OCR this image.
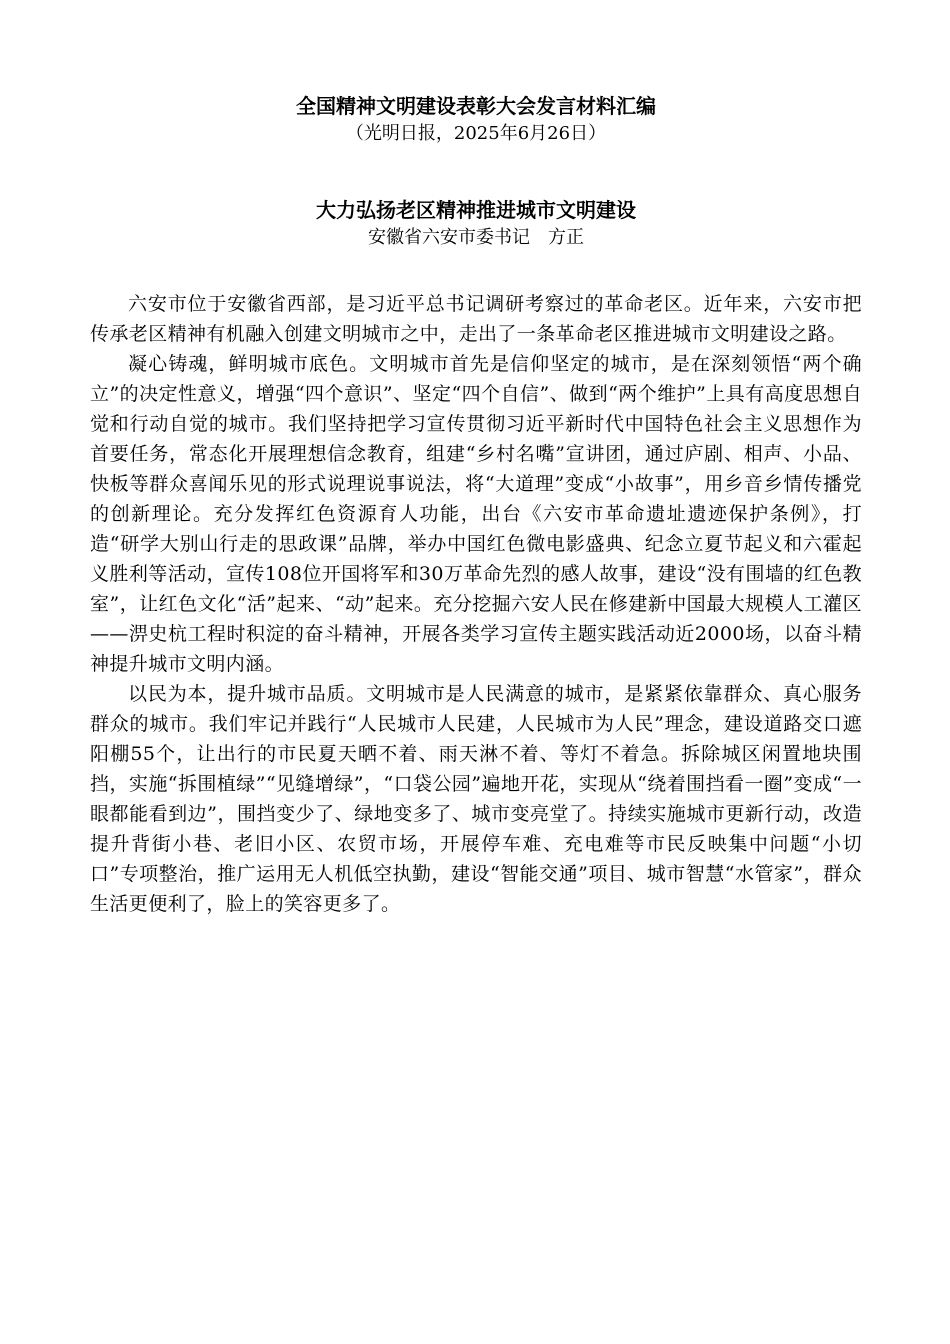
全国精神文明建设表彰大会发言材料汇编

（光明日报，2025年6月26日）

大力弘扬老区精神推进城市文明建设

安徽省六安市委书记　方正

六安市位于安徽省西部，是习近平总书记调研考察过的革命老区。近年来，六安市把传承老区精神有机融入创建文明城市之中，走出了一条革命老区推进城市文明建设之路。

凝心铸魂，鲜明城市底色。文明城市首先是信仰坚定的城市，是在深刻领悟“两个确立”的决定性意义，增强“四个意识”、坚定“四个自信”、做到“两个维护”上具有高度思想自觉和行动自觉的城市。我们坚持把学习宣传贯彻习近平新时代中国特色社会主义思想作为首要任务，常态化开展理想信念教育，组建“乡村名嘴”宣讲团，通过庐剧、相声、小品、快板等群众喜闻乐见的形式说理说事说法，将“大道理”变成“小故事”，用乡音乡情传播党的创新理论。充分发挥红色资源育人功能，出台《六安市革命遗址遗迹保护条例》，打造“研学大别山行走的思政课”品牌，举办中国红色微电影盛典、纪念立夏节起义和六霍起义胜利等活动，宣传108位开国将军和30万革命先烈的感人故事，建设“没有围墙的红色教室”，让红色文化“活”起来、“动”起来。充分挖掘六安人民在修建新中国最大规模人工灌区——淠史杭工程时积淀的奋斗精神，开展各类学习宣传主题实践活动近2000场，以奋斗精神提升城市文明内涵。

以民为本，提升城市品质。文明城市是人民满意的城市，是紧紧依靠群众、真心服务群众的城市。我们牢记并践行“人民城市人民建，人民城市为人民”理念，建设道路交口遮阳棚55个，让出行的市民夏天晒不着、雨天淋不着、等灯不着急。拆除城区闲置地块围挡，实施“拆围植绿”“见缝增绿”，“口袋公园”遍地开花，实现从“绕着围挡看一圈”变成“一眼都能看到边”，围挡变少了、绿地变多了、城市变亮堂了。持续实施城市更新行动，改造提升背街小巷、老旧小区、农贸市场，开展停车难、充电难等市民反映集中问题“小切口”专项整治，推广运用无人机低空执勤，建设“智能交通”项目、城市智慧“水管家”，群众生活更便利了，脸上的笑容更多了。
